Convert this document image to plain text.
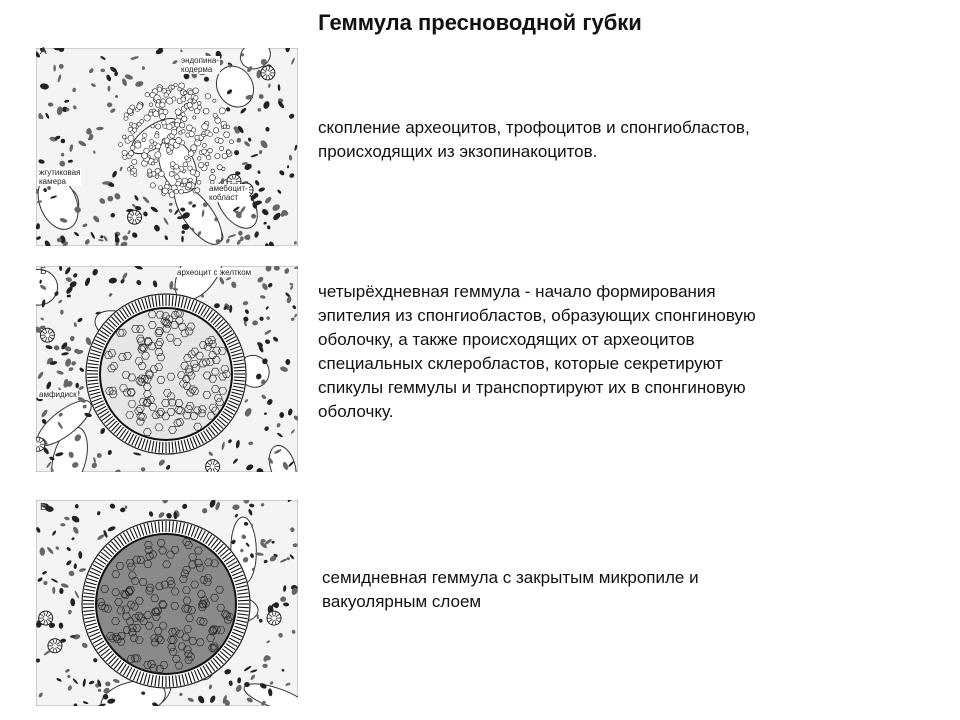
Геммула пресноводной губки
А
эндопина-
кодерма
жгутиковая
камера
амебоцит-
кобласт
скопление археоцитов, трофоцитов и спонгиобластов,
происходящих из экзопинакоцитов.
Б	археоцит с желтком
амфидиск
четырёхдневная геммула - начало формирования
эпителия из спонгиобластов, образующих спонгиновую
оболочку, а также происходящих от археоцитов
специальных склеробластов, которые секретируют
спикулы геммулы и транспортируют их в спонгиновую
оболочку.
В
семидневная геммула с закрытым микропиле и
вакуолярным слоем
